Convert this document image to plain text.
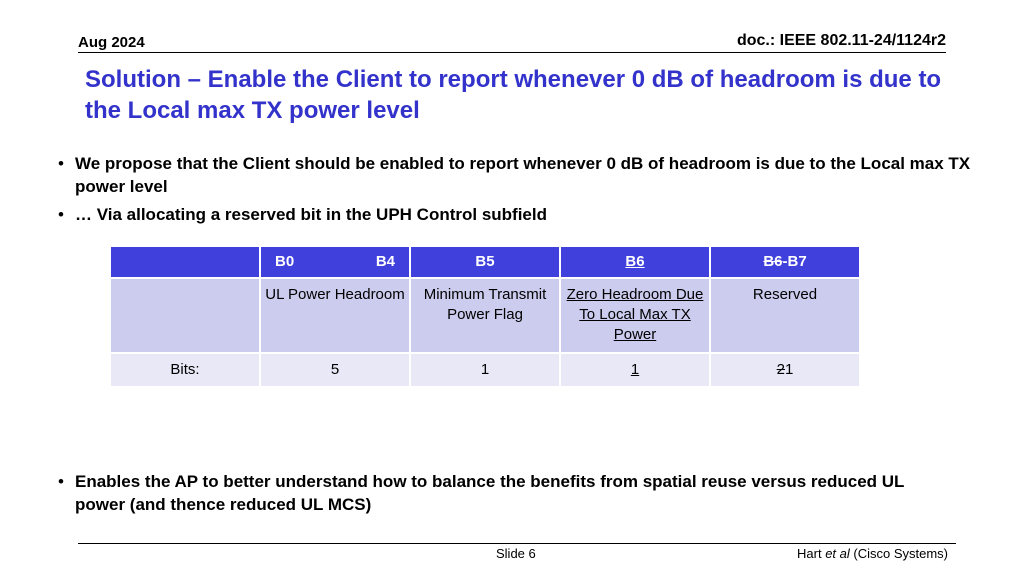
Aug 2024	doc.: IEEE 802.11-24/1124r2
Solution – Enable the Client to report whenever 0 dB of headroom is due to the Local max TX power level
• We propose that the Client should be enabled to report whenever 0 dB of headroom is due to the Local max TX power level
• … Via allocating a reserved bit in the UPH Control subfield

	B0 B4	B5	B6	B6-B7
	UL Power Headroom	Minimum Transmit Power Flag	Zero Headroom Due To Local Max TX Power	Reserved
Bits:	5	1	1	21
• Enables the AP to better understand how to balance the benefits from spatial reuse versus reduced UL power (and thence reduced UL MCS)
Slide 6	Hart et al (Cisco Systems)
